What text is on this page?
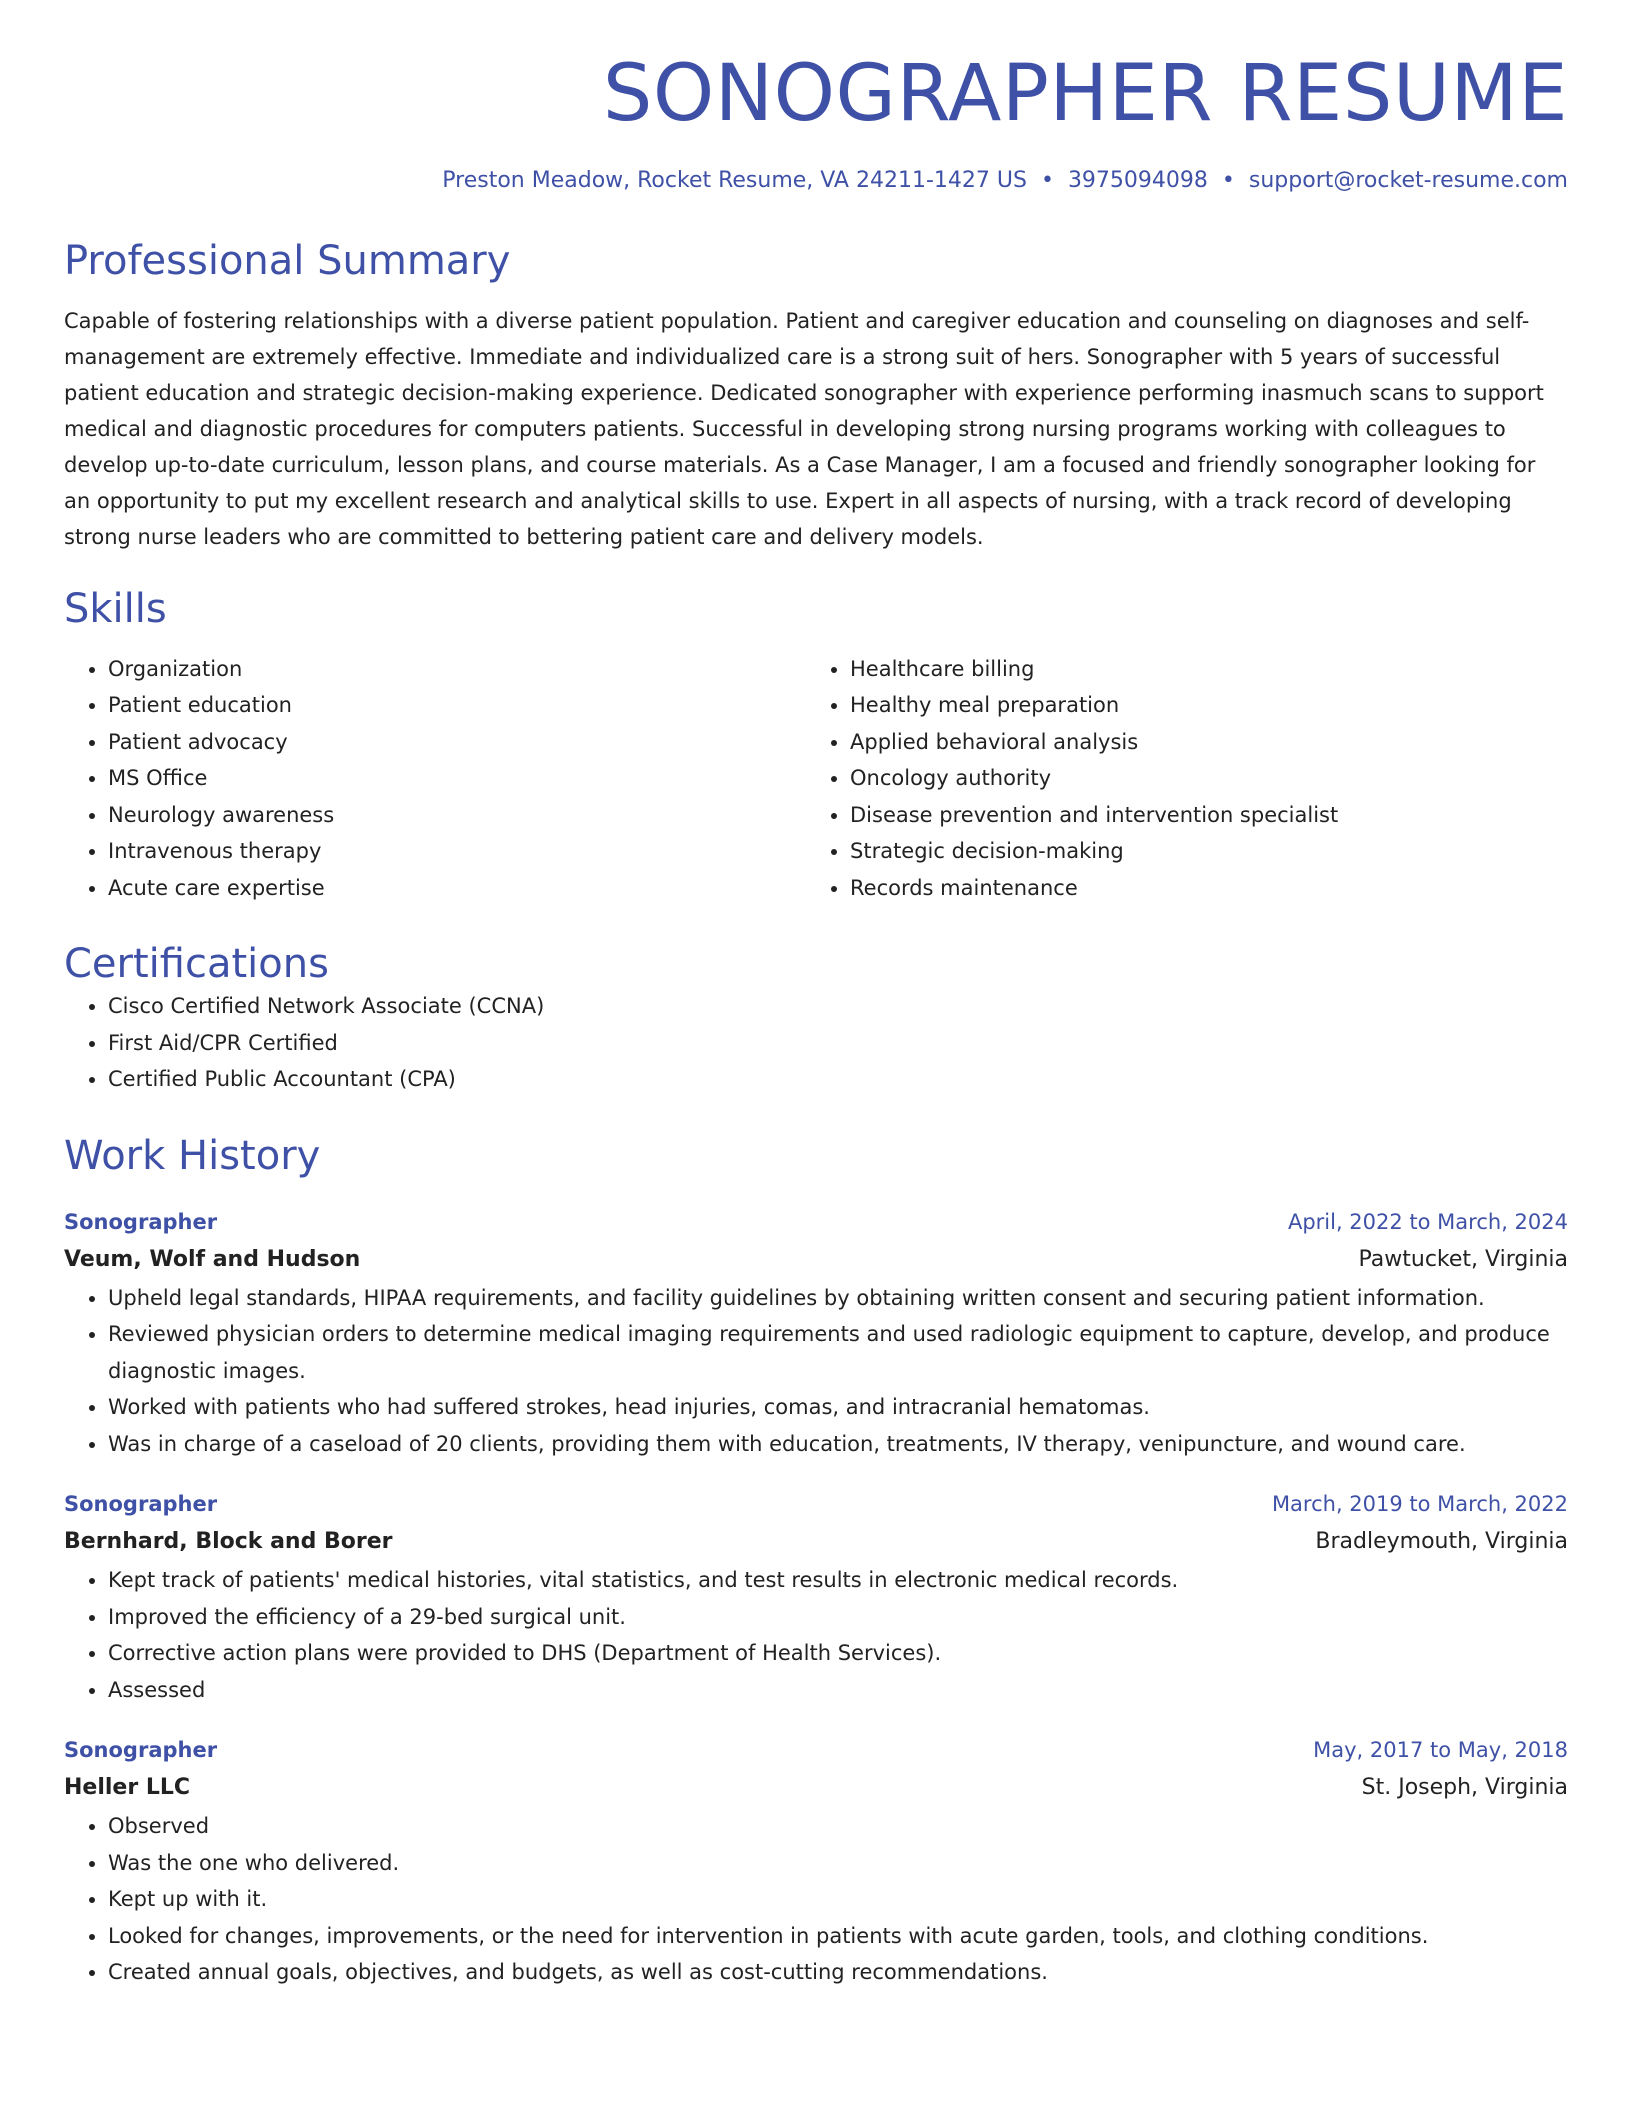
SONOGRAPHER RESUME
Preston Meadow, Rocket Resume, VA 24211-1427 US • 3975094098 • support@rocket-resume.com
Professional Summary
Capable of fostering relationships with a diverse patient population. Patient and caregiver education and counseling on diagnoses and self-management are extremely effective. Immediate and individualized care is a strong suit of hers. Sonographer with 5 years of successful patient education and strategic decision-making experience. Dedicated sonographer with experience performing inasmuch scans to support medical and diagnostic procedures for computers patients. Successful in developing strong nursing programs working with colleagues to develop up-to-date curriculum, lesson plans, and course materials. As a Case Manager, I am a focused and friendly sonographer looking for an opportunity to put my excellent research and analytical skills to use. Expert in all aspects of nursing, with a track record of developing strong nurse leaders who are committed to bettering patient care and delivery models.
Skills
• Organization
• Patient education
• Patient advocacy
• MS Office
• Neurology awareness
• Intravenous therapy
• Acute care expertise
• Healthcare billing
• Healthy meal preparation
• Applied behavioral analysis
• Oncology authority
• Disease prevention and intervention specialist
• Strategic decision-making
• Records maintenance
Certifications
• Cisco Certified Network Associate (CCNA)
• First Aid/CPR Certified
• Certified Public Accountant (CPA)
Work History
Sonographer	April, 2022 to March, 2024
Veum, Wolf and Hudson	Pawtucket, Virginia
• Upheld legal standards, HIPAA requirements, and facility guidelines by obtaining written consent and securing patient information.
• Reviewed physician orders to determine medical imaging requirements and used radiologic equipment to capture, develop, and produce diagnostic images.
• Worked with patients who had suffered strokes, head injuries, comas, and intracranial hematomas.
• Was in charge of a caseload of 20 clients, providing them with education, treatments, IV therapy, venipuncture, and wound care.
Sonographer	March, 2019 to March, 2022
Bernhard, Block and Borer	Bradleymouth, Virginia
• Kept track of patients' medical histories, vital statistics, and test results in electronic medical records.
• Improved the efficiency of a 29-bed surgical unit.
• Corrective action plans were provided to DHS (Department of Health Services).
• Assessed
Sonographer	May, 2017 to May, 2018
Heller LLC	St. Joseph, Virginia
• Observed
• Was the one who delivered.
• Kept up with it.
• Looked for changes, improvements, or the need for intervention in patients with acute garden, tools, and clothing conditions.
• Created annual goals, objectives, and budgets, as well as cost-cutting recommendations.
